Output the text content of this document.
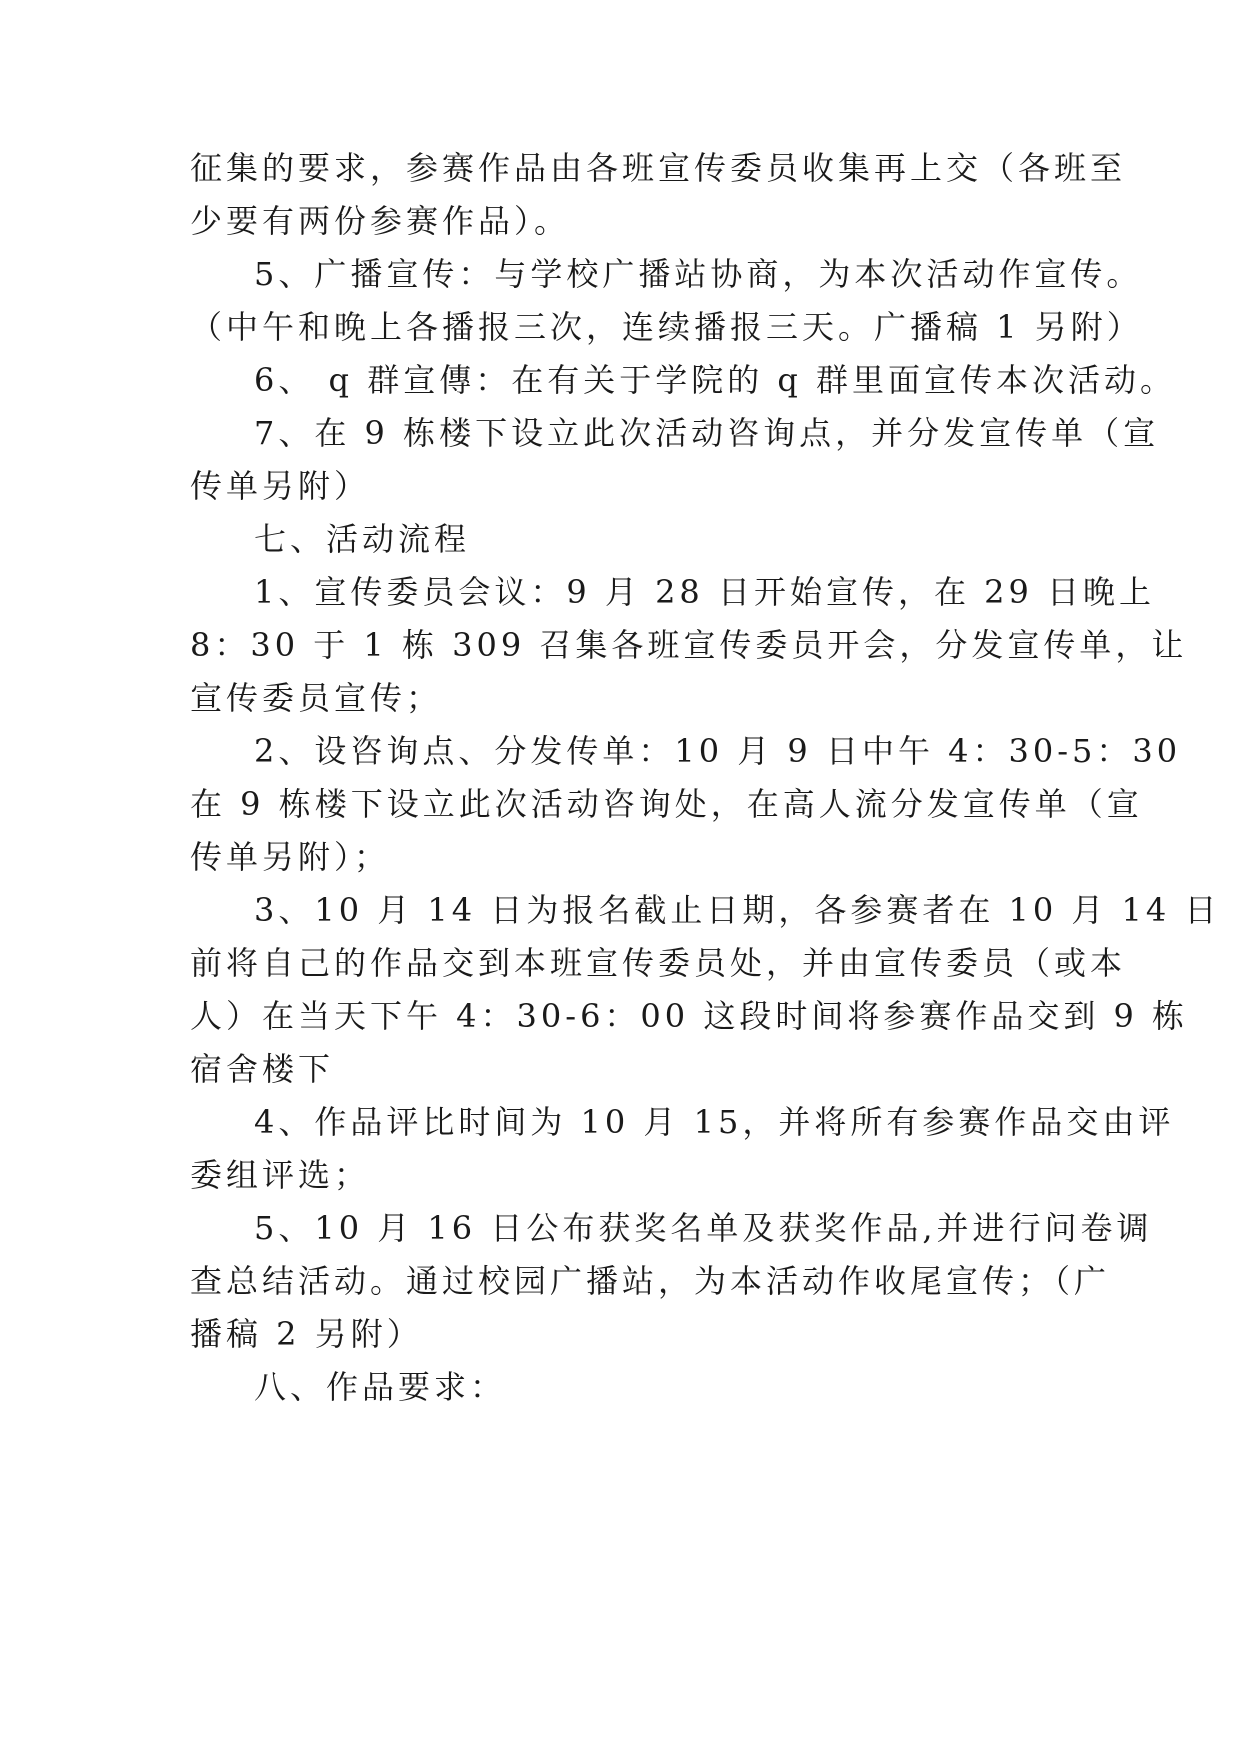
征集的要求，参赛作品由各班宣传委员收集再上交（各班至
少要有两份参赛作品）。
5、广播宣传：与学校广播站协商，为本次活动作宣传。
（中午和晚上各播报三次，连续播报三天。广播稿 1 另附）
6、 q 群宣傳：在有关于学院的 q 群里面宣传本次活动。
7、在 9 栋楼下设立此次活动咨询点，并分发宣传单（宣
传单另附）
七、活动流程
1、宣传委员会议：9 月 28 日开始宣传，在 29 日晚上
8：30 于 1 栋 309 召集各班宣传委员开会，分发宣传单，让
宣传委员宣传；
2、设咨询点、分发传单：10 月 9 日中午 4：30-5：30
在 9 栋楼下设立此次活动咨询处，在高人流分发宣传单（宣
传单另附）；
3、10 月 14 日为报名截止日期，各参赛者在 10 月 14 日
前将自己的作品交到本班宣传委员处，并由宣传委员（或本
人）在当天下午 4：30-6：00 这段时间将参赛作品交到 9 栋
宿舍楼下
4、作品评比时间为 10 月 15，并将所有参赛作品交由评
委组评选；
5、10 月 16 日公布获奖名单及获奖作品,并进行问卷调
查总结活动。通过校园广播站，为本活动作收尾宣传；（广
播稿 2 另附）
八、作品要求：
